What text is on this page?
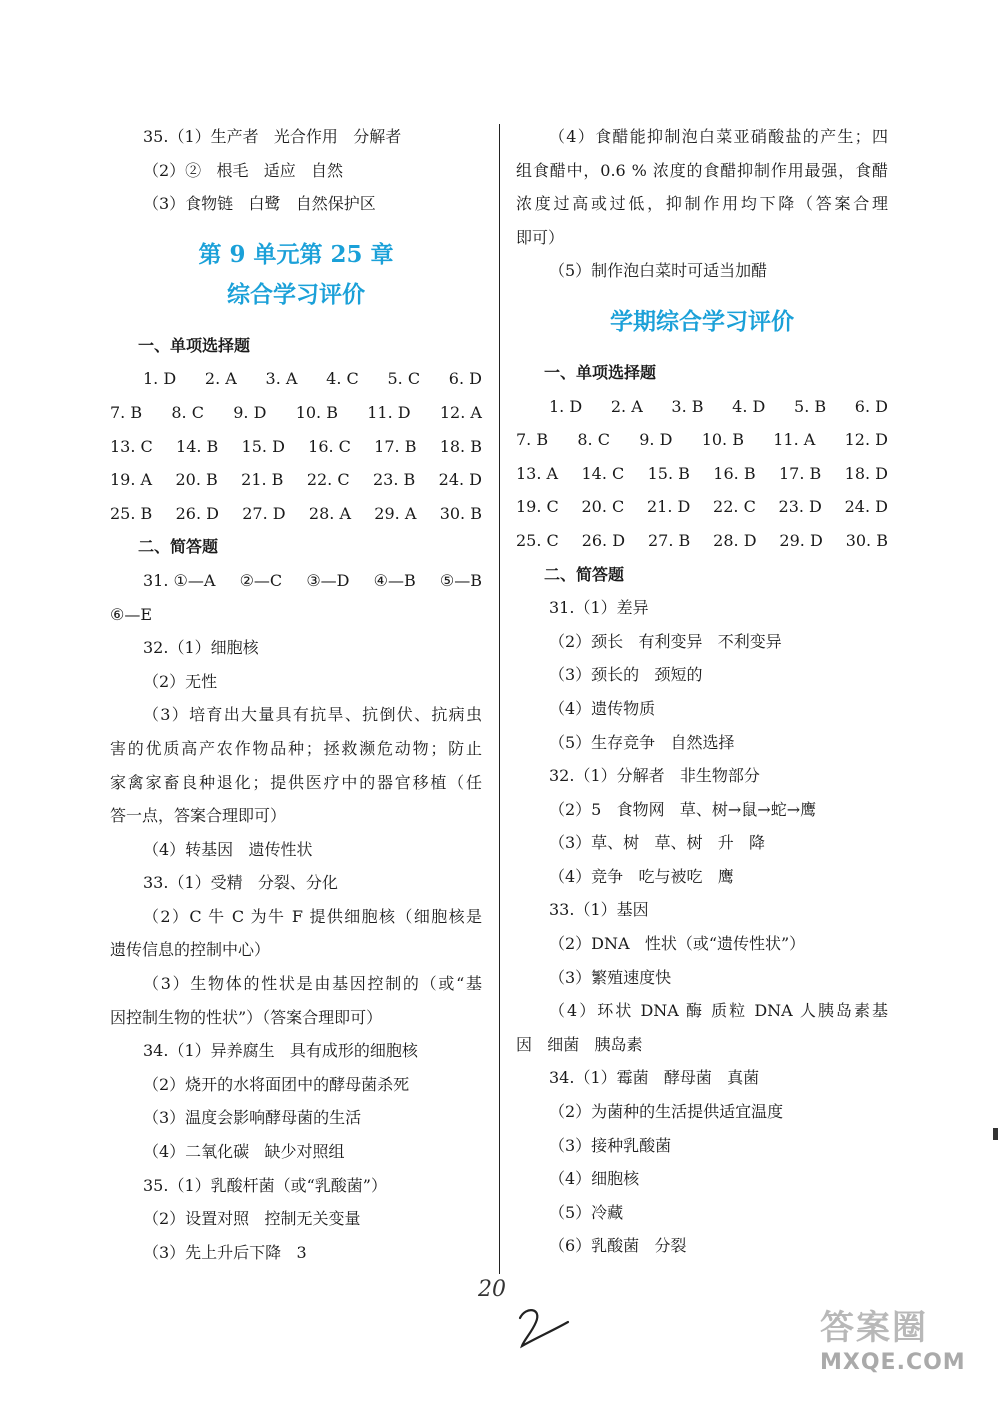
35.（1）生产者 光合作用 分解者
（2）② 根毛 适应 自然
（3）食物链 白鹭 自然保护区
第 9 单元第 25 章
综合学习评价
一、单项选择题
1. D 2. A 3. A 4. C 5. C 6. D
7. B 8. C 9. D 10. B 11. D 12. A
13. C 14. B 15. D 16. C 17. B 18. B
19. A 20. B 21. B 22. C 23. B 24. D
25. B 26. D 27. D 28. A 29. A 30. B
二、简答题
31. ①—A ②—C ③—D ④—B ⑤—B
⑥—E
32.（1）细胞核
（2）无性
（3）培育出大量具有抗旱、抗倒伏、抗病虫
害的优质高产农作物品种；拯救濒危动物；防止
家禽家畜良种退化；提供医疗中的器官移植（任
答一点，答案合理即可）
（4）转基因   遗传性状
33.（1）受精   分裂、分化
（2）C 牛 C 为牛 F 提供细胞核（细胞核是
遗传信息的控制中心）
（3）生物体的性状是由基因控制的（或“基
因控制生物的性状”）（答案合理即可）
34.（1）异养腐生   具有成形的细胞核
（2）烧开的水将面团中的酵母菌杀死
（3）温度会影响酵母菌的生活
（4）二氧化碳   缺少对照组
35.（1）乳酸杆菌（或“乳酸菌”）
（2）设置对照   控制无关变量
（3）先上升后下降   3
（4）食醋能抑制泡白菜亚硝酸盐的产生；四
组食醋中，0.6 % 浓度的食醋抑制作用最强，食醋
浓度过高或过低，抑制作用均下降（答案合理
即可）
（5）制作泡白菜时可适当加醋
学期综合学习评价
一、单项选择题
1. D 2. A 3. B 4. D 5. B 6. D
7. B 8. C 9. D 10. B 11. A 12. D
13. A 14. C 15. B 16. B 17. B 18. D
19. C 20. C 21. D 22. C 23. D 24. D
25. C 26. D 27. B 28. D 29. D 30. B
二、简答题
31.（1）差异
（2）颈长   有利变异   不利变异
（3）颈长的   颈短的
（4）遗传物质
（5）生存竞争   自然选择
32.（1）分解者   非生物部分
（2）5   食物网   草、树→鼠→蛇→鹰
（3）草、树   草、树   升   降
（4）竞争   吃与被吃   鹰
33.（1）基因
（2）DNA   性状（或“遗传性状”）
（3）繁殖速度快
（4）环状 DNA 酶 质粒 DNA 人胰岛素基
因   细菌   胰岛素
34.（1）霉菌   酵母菌   真菌
（2）为菌种的生活提供适宜温度
（3）接种乳酸菌
（4）细胞核
（5）冷藏
（6）乳酸菌   分裂
20
答案圈
MXQE.COM
